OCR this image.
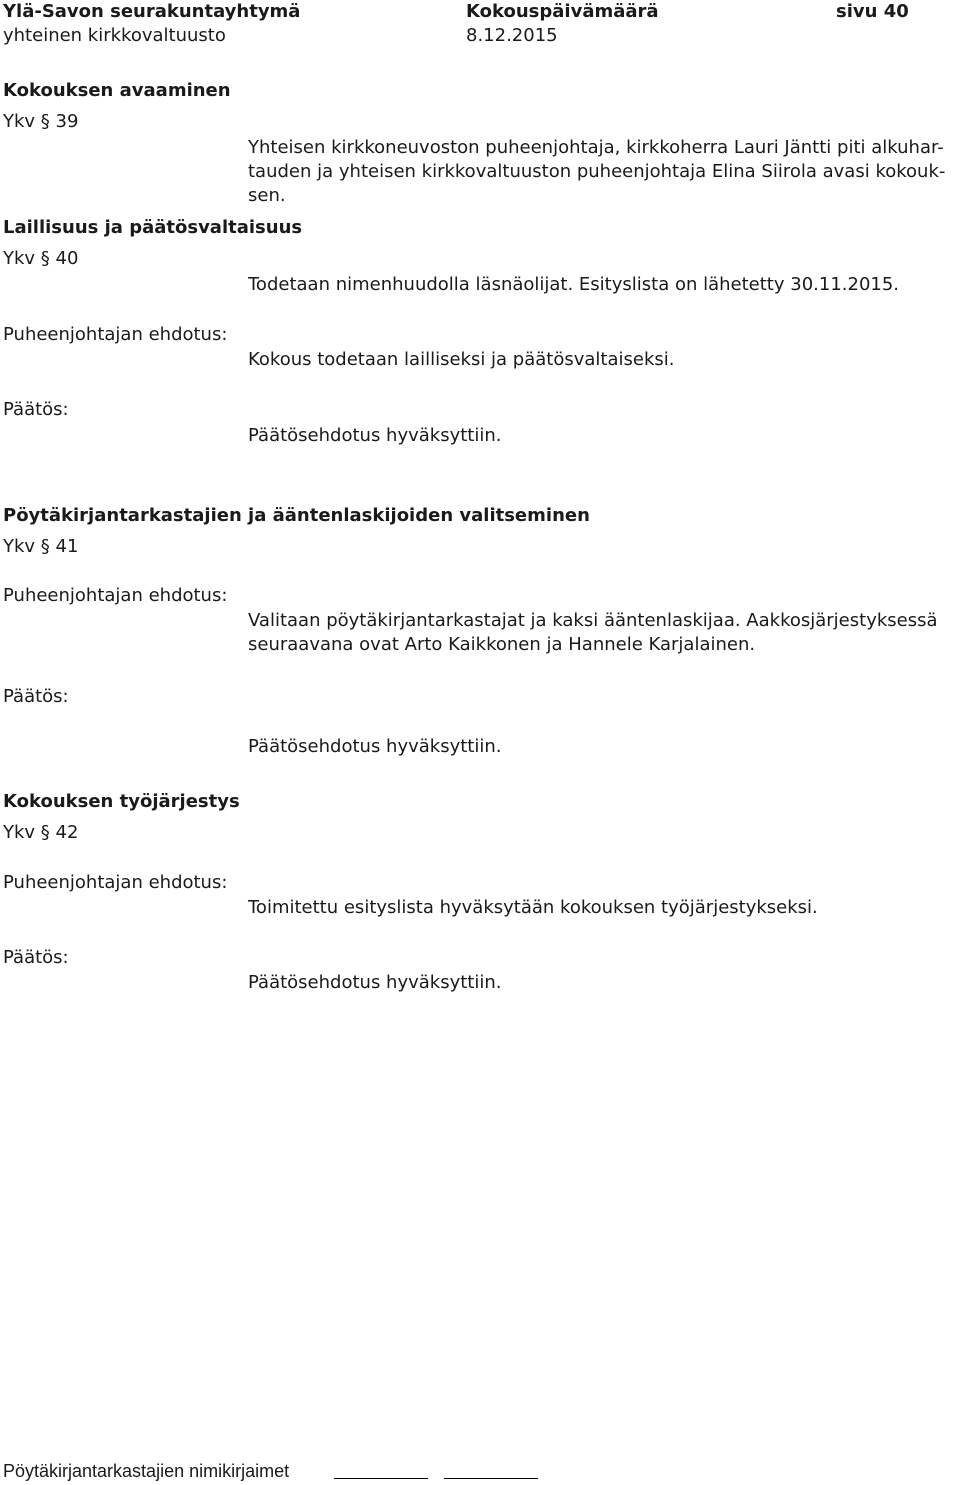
Ylä-Savon seurakuntayhtymä
yhteinen kirkkovaltuusto
Kokouspäivämäärä
8.12.2015
sivu 40
Kokouksen avaaminen
Ykv § 39
Yhteisen kirkkoneuvoston puheenjohtaja, kirkkoherra Lauri Jäntti piti alkuhar-tauden ja yhteisen kirkkovaltuuston puheenjohtaja Elina Siirola avasi kokouk-sen.
Laillisuus ja päätösvaltaisuus
Ykv § 40
Todetaan nimenhuudolla läsnäolijat. Esityslista on lähetetty 30.11.2015.
Puheenjohtajan ehdotus:
Kokous todetaan lailliseksi ja päätösvaltaiseksi.
Päätös:
Päätösehdotus hyväksyttiin.
Pöytäkirjantarkastajien ja ääntenlaskijoiden valitseminen
Ykv § 41
Puheenjohtajan ehdotus:
Valitaan pöytäkirjantarkastajat ja kaksi ääntenlaskijaa. Aakkosjärjestyksessä seuraavana ovat Arto Kaikkonen ja Hannele Karjalainen.
Päätös:
Päätösehdotus hyväksyttiin.
Kokouksen työjärjestys
Ykv § 42
Puheenjohtajan ehdotus:
Toimitettu esityslista hyväksytään kokouksen työjärjestykseksi.
Päätös:
Päätösehdotus hyväksyttiin.
Pöytäkirjantarkastajien nimikirjaimet
